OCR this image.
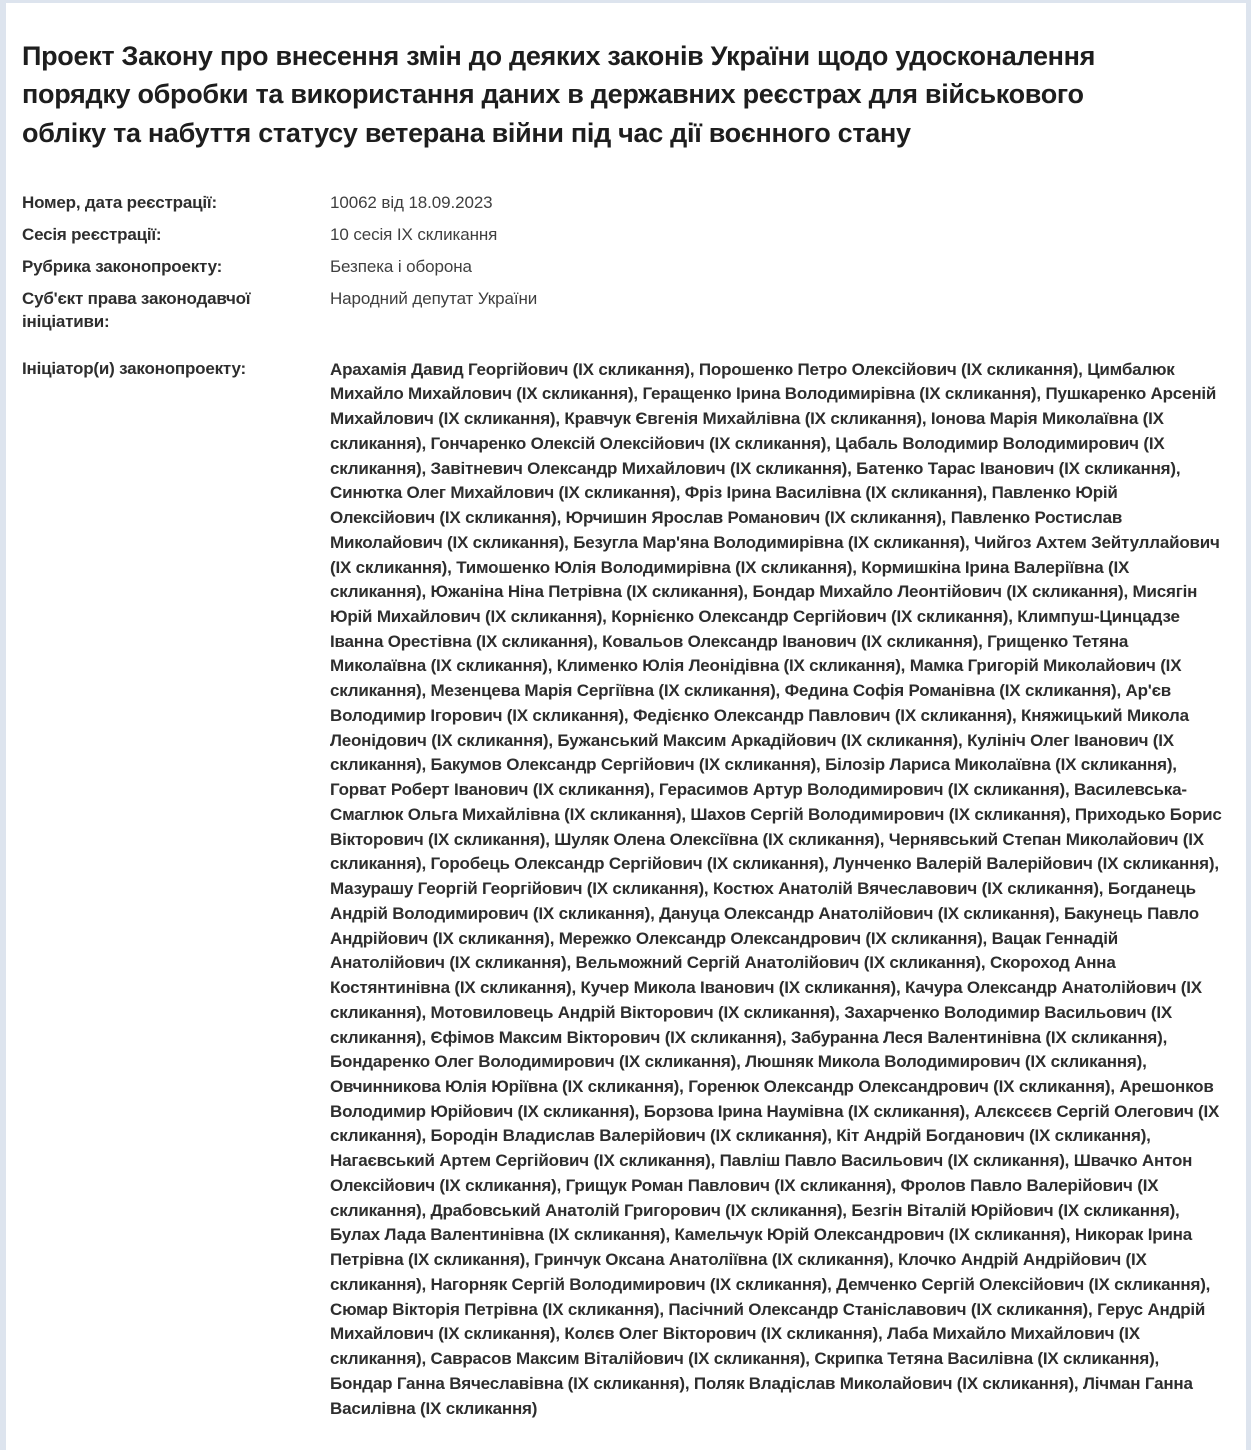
Проект Закону про внесення змін до деяких законів України щодо удосконалення порядку обробки та використання даних в державних реєстрах для військового обліку та набуття статусу ветерана війни під час дії воєнного стану
Номер, дата реєстрації:	10062 від 18.09.2023
Сесія реєстрації:	10 сесія IX скликання
Рубрика законопроекту:	Безпека і оборона
Суб'єкт права законодавчої ініціативи:
Народний депутат України
Ініціатор(и) законопроекту:	Арахамія Давид Георгійович (ІХ скликання), Порошенко Петро Олексійович (ІХ скликання), Цимбалюк Михайло Михайлович (ІХ скликання), Геращенко Ірина Володимирівна (ІХ скликання), Пушкаренко Арсеній Михайлович (ІХ скликання), Кравчук Євгенія Михайлівна (ІХ скликання), Іонова Марія Миколаївна (ІХ скликання), Гончаренко Олексій Олексійович (ІХ скликання), Цабаль Володимир Володимирович (ІХ скликання), Завітневич Олександр Михайлович (ІХ скликання), Батенко Тарас Іванович (ІХ скликання), Синютка Олег Михайлович (ІХ скликання), Фріз Ірина Василівна (ІХ скликання), Павленко Юрій Олексійович (ІХ скликання), Юрчишин Ярослав Романович (ІХ скликання), Павленко Ростислав Миколайович (ІХ скликання), Безугла Мар'яна Володимирівна (ІХ скликання), Чийгоз Ахтем Зейтуллайович (ІХ скликання), Тимошенко Юлія Володимирівна (ІХ скликання), Кормишкіна Ірина Валеріївна (ІХ скликання), Южаніна Ніна Петрівна (ІХ скликання), Бондар Михайло Леонтійович (ІХ скликання), Мисягін Юрій Михайлович (ІХ скликання), Корнієнко Олександр Сергійович (ІХ скликання), Климпуш-Цинцадзе Іванна Орестівна (ІХ скликання), Ковальов Олександр Іванович (ІХ скликання), Грищенко Тетяна Миколаївна (ІХ скликання), Клименко Юлія Леонідівна (ІХ скликання), Мамка Григорій Миколайович (ІХ скликання), Мезенцева Марія Сергіївна (ІХ скликання), Федина Софія Романівна (ІХ скликання), Ар'єв Володимир Ігорович (ІХ скликання), Федієнко Олександр Павлович (ІХ скликання), Княжицький Микола Леонідович (ІХ скликання), Бужанський Максим Аркадійович (ІХ скликання), Кулініч Олег Іванович (ІХ скликання), Бакумов Олександр Сергійович (ІХ скликання), Білозір Лариса Миколаївна (ІХ скликання), Горват Роберт Іванович (ІХ скликання), Герасимов Артур Володимирович (ІХ скликання), Василевська-Смаглюк Ольга Михайлівна (ІХ скликання), Шахов Сергій Володимирович (ІХ скликання), Приходько Борис Вікторович (ІХ скликання), Шуляк Олена Олексіївна (ІХ скликання), Чернявський Степан Миколайович (ІХ скликання), Горобець Олександр Сергійович (ІХ скликання), Лунченко Валерій Валерійович (ІХ скликання), Мазурашу Георгій Георгійович (ІХ скликання), Костюх Анатолій Вячеславович (ІХ скликання), Богданець Андрій Володимирович (ІХ скликання), Дануца Олександр Анатолійович (ІХ скликання), Бакунець Павло Андрійович (ІХ скликання), Мережко Олександр Олександрович (ІХ скликання), Вацак Геннадій Анатолійович (ІХ скликання), Вельможний Сергій Анатолійович (ІХ скликання), Скороход Анна Костянтинівна (ІХ скликання), Кучер Микола Іванович (ІХ скликання), Качура Олександр Анатолійович (ІХ скликання), Мотовиловець Андрій Вікторович (ІХ скликання), Захарченко Володимир Васильович (ІХ скликання), Єфімов Максим Вікторович (ІХ скликання), Забуранна Леся Валентинівна (ІХ скликання), Бондаренко Олег Володимирович (ІХ скликання), Люшняк Микола Володимирович (ІХ скликання), Овчинникова Юлія Юріївна (ІХ скликання), Горенюк Олександр Олександрович (ІХ скликання), Арешонков Володимир Юрійович (ІХ скликання), Борзова Ірина Наумівна (ІХ скликання), Алєксєєв Сергій Олегович (ІХ скликання), Бородін Владислав Валерійович (ІХ скликання), Кіт Андрій Богданович (ІХ скликання), Нагаєвський Артем Сергійович (ІХ скликання), Павліш Павло Васильович (ІХ скликання), Швачко Антон Олексійович (ІХ скликання), Грищук Роман Павлович (ІХ скликання), Фролов Павло Валерійович (ІХ скликання), Драбовський Анатолій Григорович (ІХ скликання), Безгін Віталій Юрійович (ІХ скликання), Булах Лада Валентинівна (ІХ скликання), Камельчук Юрій Олександрович (ІХ скликання), Никорак Ірина Петрівна (ІХ скликання), Гринчук Оксана Анатоліївна (ІХ скликання), Клочко Андрій Андрійович (ІХ скликання), Нагорняк Сергій Володимирович (ІХ скликання), Демченко Сергій Олексійович (ІХ скликання), Сюмар Вікторія Петрівна (ІХ скликання), Пасічний Олександр Станіславович (ІХ скликання), Герус Андрій Михайлович (ІХ скликання), Колєв Олег Вікторович (ІХ скликання), Лаба Михайло Михайлович (ІХ скликання), Саврасов Максим Віталійович (ІХ скликання), Скрипка Тетяна Василівна (ІХ скликання), Бондар Ганна Вячеславівна (ІХ скликання), Поляк Владіслав Миколайович (ІХ скликання), Лічман Ганна Василівна (ІХ скликання)
